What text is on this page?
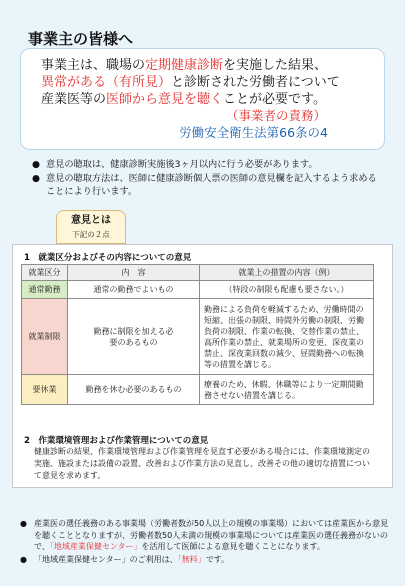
事業主の皆様へ
事業主は、職場の定期健康診断を実施した結果、
異常がある（有所見）と診断された労働者について
産業医等の医師から意見を聴くことが必要です。
（事業者の責務）
労働安全衛生法第66条の4
● 意見の聴取は、健康診断実施後3ヶ月以内に行う必要があります。
● 意見の聴取方法は、医師に健康診断個人票の医師の意見欄を記入するよう求めることにより行います。
意見とは
下記の２点
1　就業区分およびその内容についての意見
就業区分	内　容	就業上の措置の内容（例）
通常勤務	通常の勤務でよいもの	（特段の制限も配慮も要さない。）
就業制限	勤務に制限を加える必要のあるもの	勤務による負荷を軽減するため、労働時間の短縮、出張の制限、時間外労働の制限、労働負荷の制限、作業の転換、交替作業の禁止、高所作業の禁止、就業場所の変更、深夜業の禁止、深夜業回数の減少、昼間勤務への転換等の措置を講じる。
要休業	勤務を休む必要のあるもの	療養のため、休暇、休職等により一定期間勤務させない措置を講じる。
2　作業環境管理および作業管理についての意見
健康診断の結果、作業環境管理および作業管理を見直す必要がある場合には、作業環境測定の実施、施設または設備の設置、改善および作業方法の見直し、改善その他の適切な措置について意見を求めます。
● 産業医の選任義務のある事業場（労働者数が50人以上の規模の事業場）においては産業医から意見を聴くこととなりますが、労働者数50人未満の規模の事業場については産業医の選任義務がないので、「地域産業保健センター」を活用して医師による意見を聴くことになります。
● 「地域産業保健センター」のご利用は、「無料」です。
